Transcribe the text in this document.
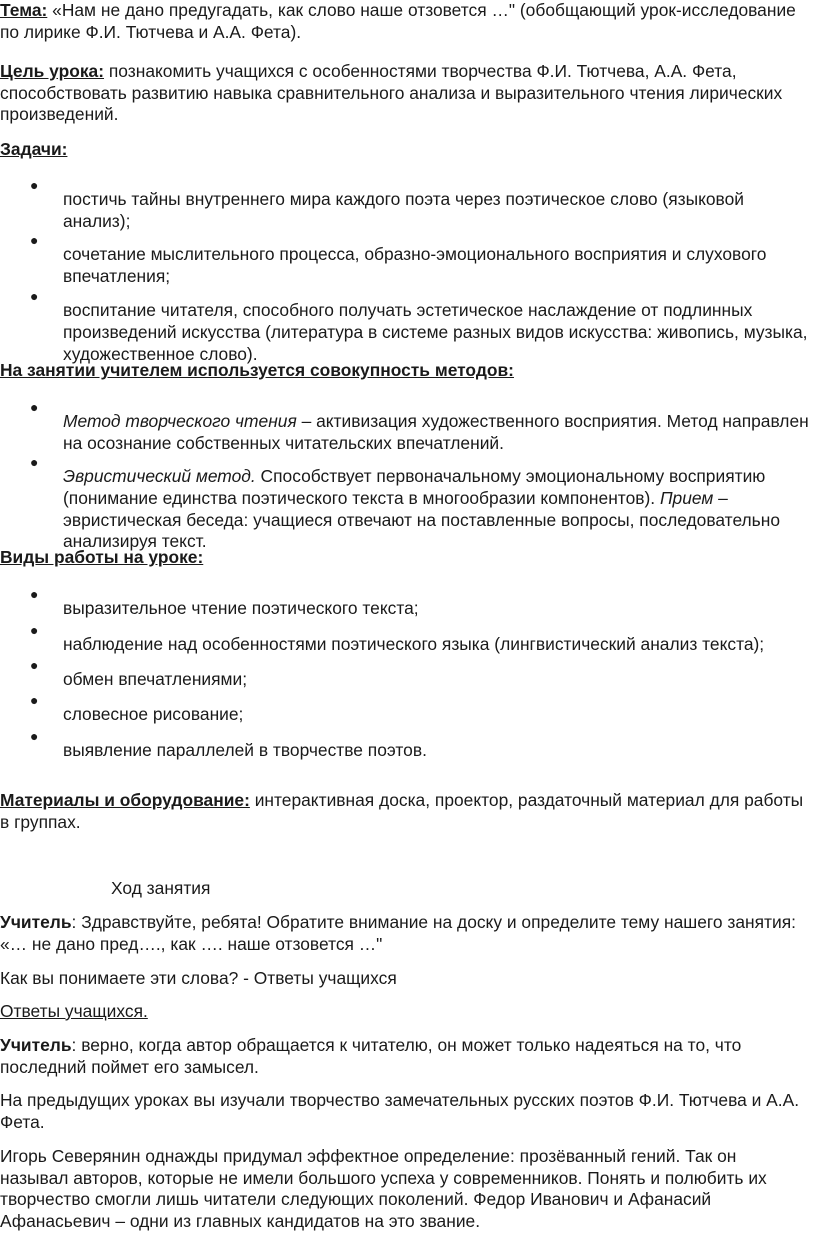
Тема: «Нам не дано предугадать, как слово наше отзовется …" (обобщающий урок-исследование по лирике Ф.И. Тютчева и А.А. Фета).

Цель урока: познакомить учащихся с особенностями творчества Ф.И. Тютчева, А.А. Фета, способствовать развитию навыка сравнительного анализа и выразительного чтения лирических произведений.

Задачи:

●

постичь тайны внутреннего мира каждого поэта через поэтическое слово (языковой анализ);

●

сочетание мыслительного процесса, образно-эмоционального восприятия и слухового впечатления;

●

воспитание читателя, способного получать эстетическое наслаждение от подлинных произведений искусства (литература в системе разных видов искусства: живопись, музыка, художественное слово).

На занятии учителем используется совокупность методов:

●

Метод творческого чтения – активизация художественного восприятия. Метод направлен на осознание собственных читательских впечатлений.

●

Эвристический метод. Способствует первоначальному эмоциональному восприятию (понимание единства поэтического текста в многообразии компонентов). Прием – эвристическая беседа: учащиеся отвечают на поставленные вопросы, последовательно анализируя текст.

Виды работы на уроке:

●

выразительное чтение поэтического текста;

●

наблюдение над особенностями поэтического языка (лингвистический анализ текста);

●

обмен впечатлениями;

●

словесное рисование;

●

выявление параллелей в творчестве поэтов.

Материалы и оборудование: интерактивная доска, проектор, раздаточный материал для работы в группах.

Ход занятия

Учитель: Здравствуйте, ребята! Обратите внимание на доску и определите тему нашего занятия: «… не дано пред…., как …. наше отзовется …"

Как вы понимаете эти слова? - Ответы учащихся

Ответы учащихся.

Учитель: верно, когда автор обращается к читателю, он может только надеяться на то, что последний поймет его замысел.

На предыдущих уроках вы изучали творчество замечательных русских поэтов Ф.И. Тютчева и А.А. Фета.

Игорь Северянин однажды придумал эффектное определение: прозёванный гений. Так он называл авторов, которые не имели большого успеха у современников. Понять и полюбить их творчество смогли лишь читатели следующих поколений. Федор Иванович и Афанасий Афанасьевич – одни из главных кандидатов на это звание.
